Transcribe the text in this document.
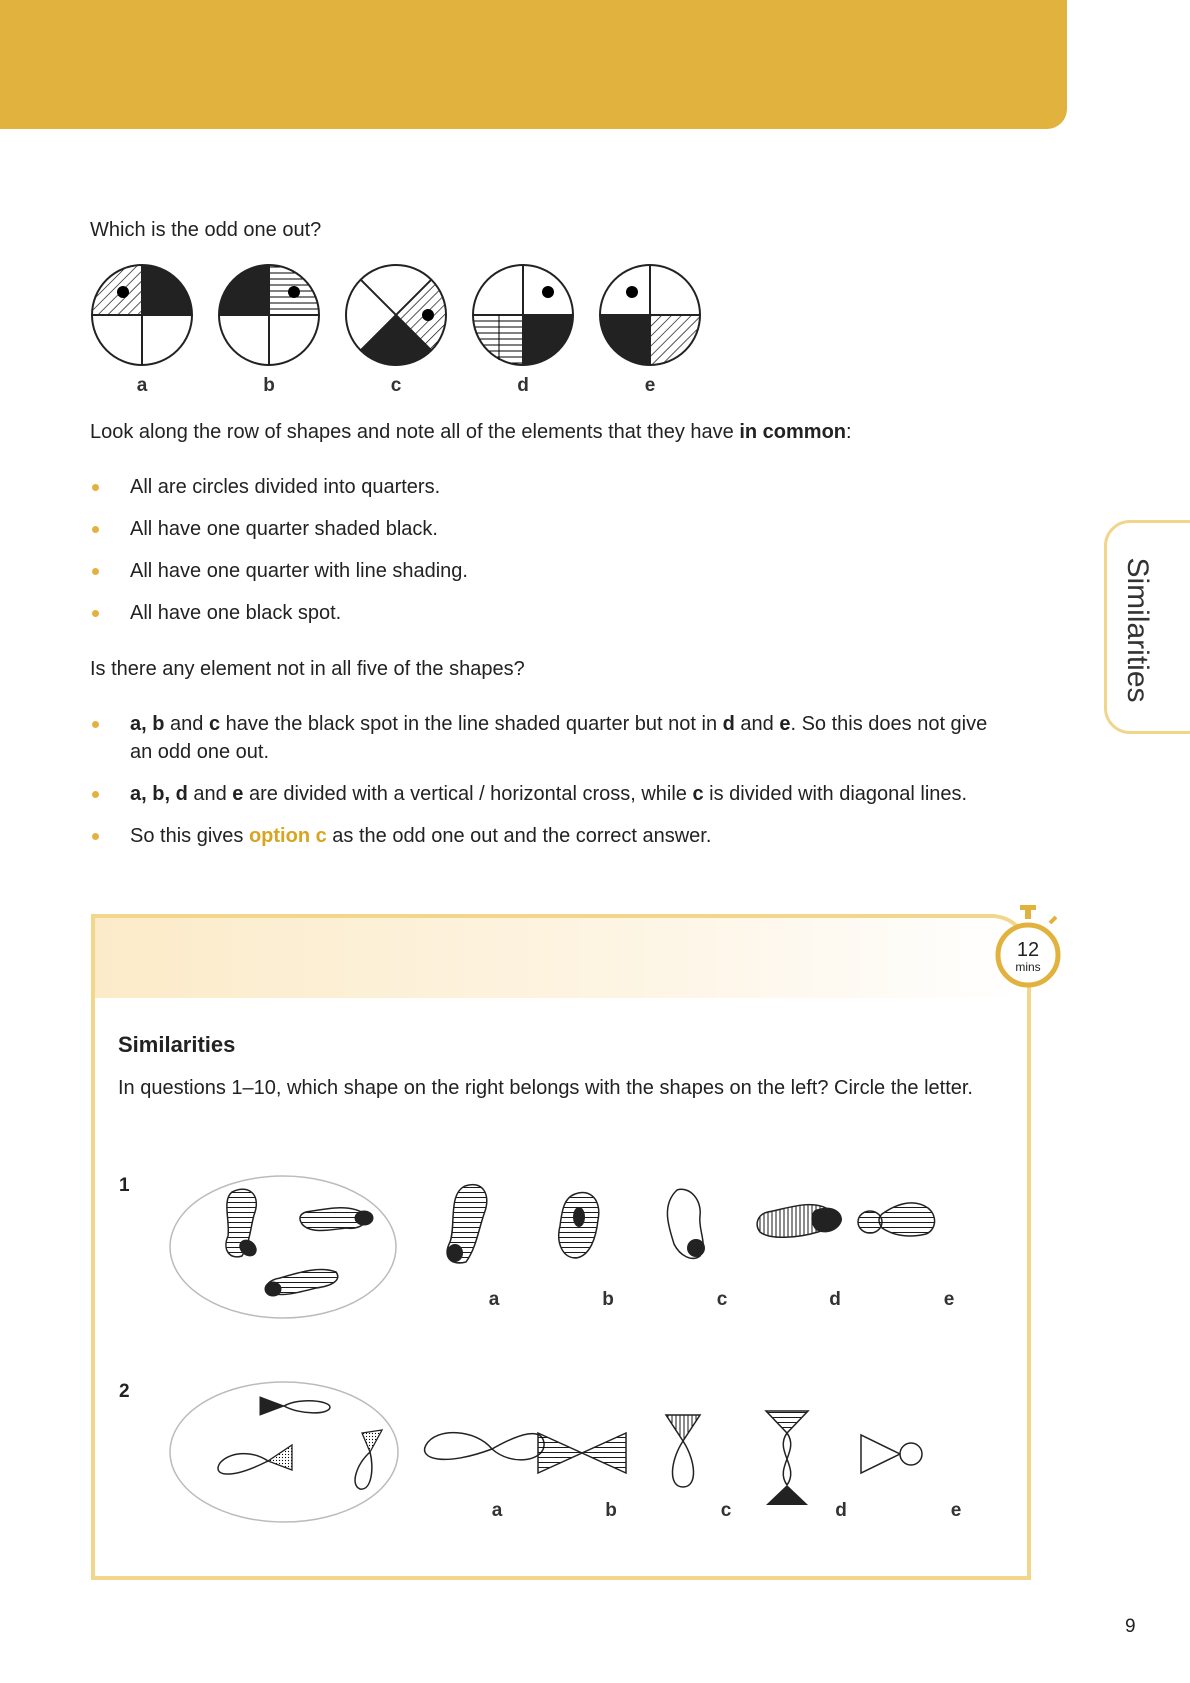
Which is the odd one out?

a	b	c	d	e

Look along the row of shapes and note all of the elements that they have in common:

All are circles divided into quarters.
All have one quarter shaded black.
All have one quarter with line shading.
All have one black spot.

Is there any element not in all five of the shapes?

a, b and c have the black spot in the line shaded quarter but not in d and e. So this does not give an odd one out.
a, b, d and e are divided with a vertical / horizontal cross, while c is divided with diagonal lines.
So this gives option c as the odd one out and the correct answer.
Similarities
12
mins

Similarities

In questions 1–10, which shape on the right belongs with the shapes on the left? Circle the letter.

1

a	b	c	d	e

2

a	b	c	d	e
9
